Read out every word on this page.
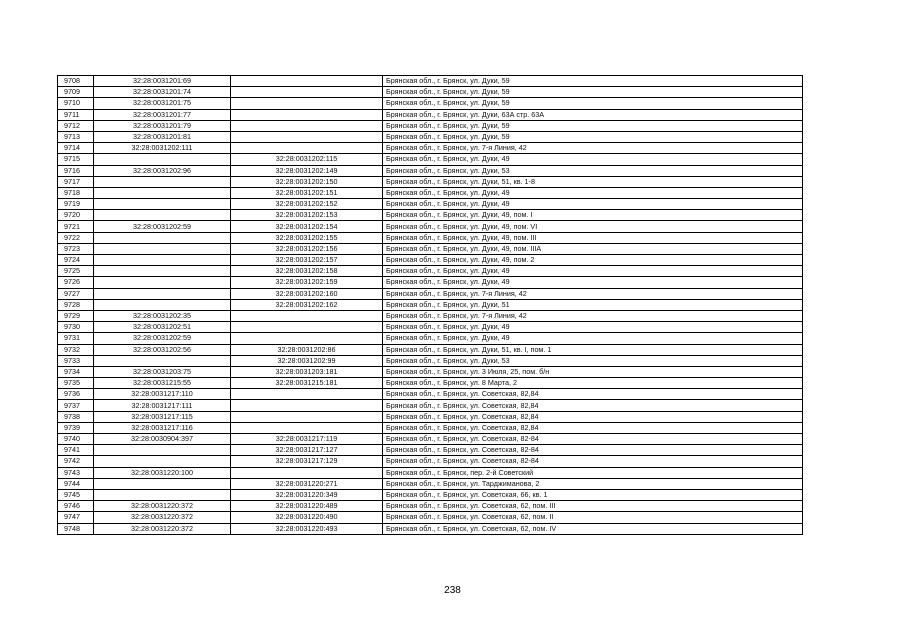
9708	32:28:0031201:69		Брянская обл., г. Брянск, ул. Дуки, 59
9709	32:28:0031201:74		Брянская обл., г. Брянск, ул. Дуки, 59
9710	32:28:0031201:75		Брянская обл., г. Брянск, ул. Дуки, 59
9711	32:28:0031201:77		Брянская обл., г. Брянск, ул. Дуки, 63А стр. 63А
9712	32:28:0031201:79		Брянская обл., г. Брянск, ул. Дуки, 59
9713	32:28:0031201:81		Брянская обл., г. Брянск, ул. Дуки, 59
9714	32:28:0031202:111		Брянская обл., г. Брянск, ул. 7-я Линия, 42
9715		32:28:0031202:115	Брянская обл., г. Брянск, ул. Дуки, 49
9716	32:28:0031202:96	32:28:0031202:149	Брянская обл., г. Брянск, ул. Дуки, 53
9717		32:28:0031202:150	Брянская обл., г. Брянск, ул. Дуки, 51, кв. 1-8
9718		32:28:0031202:151	Брянская обл., г. Брянск, ул. Дуки, 49
9719		32:28:0031202:152	Брянская обл., г. Брянск, ул. Дуки, 49
9720		32:28:0031202:153	Брянская обл., г. Брянск, ул. Дуки, 49, пом. I
9721	32:28:0031202:59	32:28:0031202:154	Брянская обл., г. Брянск, ул. Дуки, 49, пом. VI
9722		32:28:0031202:155	Брянская обл., г. Брянск, ул. Дуки, 49, пом. III
9723		32:28:0031202:156	Брянская обл., г. Брянск, ул. Дуки, 49, пом. IIIA
9724		32:28:0031202:157	Брянская обл., г. Брянск, ул. Дуки, 49, пом. 2
9725		32:28:0031202:158	Брянская обл., г. Брянск, ул. Дуки, 49
9726		32:28:0031202:159	Брянская обл., г. Брянск, ул. Дуки, 49
9727		32:28:0031202:160	Брянская обл., г. Брянск, ул. 7-я Линия, 42
9728		32:28:0031202:162	Брянская обл., г. Брянск, ул. Дуки, 51
9729	32:28:0031202:35		Брянская обл., г. Брянск, ул. 7-я Линия, 42
9730	32:28:0031202:51		Брянская обл., г. Брянск, ул. Дуки, 49
9731	32:28:0031202:59		Брянская обл., г. Брянск, ул. Дуки, 49
9732	32:28:0031202:56	32:28:0031202:86	Брянская обл., г. Брянск, ул. Дуки, 51, кв. I, пом. 1
9733		32:28:0031202:99	Брянская обл., г. Брянск, ул. Дуки, 53
9734	32:28:0031203:75	32:28:0031203:181	Брянская обл., г. Брянск, ул. 3 Июля, 25, пом. б/н
9735	32:28:0031215:55	32:28:0031215:181	Брянская обл., г. Брянск, ул. 8 Марта, 2
9736	32:28:0031217:110		Брянская обл., г. Брянск, ул. Советская, 82,84
9737	32:28:0031217:111		Брянская обл., г. Брянск, ул. Советская, 82,84
9738	32:28:0031217:115		Брянская обл., г. Брянск, ул. Советская, 82,84
9739	32:28:0031217:116		Брянская обл., г. Брянск, ул. Советская, 82,84
9740	32:28:0030904:397	32:28:0031217:119	Брянская обл., г. Брянск, ул. Советская, 82-84
9741		32:28:0031217:127	Брянская обл., г. Брянск, ул. Советская, 82-84
9742		32:28:0031217:129	Брянская обл., г. Брянск, ул. Советская, 82-84
9743	32:28:0031220:100		Брянская обл., г. Брянск, пер. 2-й Советский
9744		32:28:0031220:271	Брянская обл., г. Брянск, ул. Тарджиманова, 2
9745		32:28:0031220:349	Брянская обл., г. Брянск, ул. Советская, 66, кв. 1
9746	32:28:0031220:372	32:28:0031220:489	Брянская обл., г. Брянск, ул. Советская, 62, пом. III
9747	32:28:0031220:372	32:28:0031220:490	Брянская обл., г. Брянск, ул. Советская, 62, пом. II
9748	32:28:0031220:372	32:28:0031220:493	Брянская обл., г. Брянск, ул. Советская, 62, пом. IV
238
